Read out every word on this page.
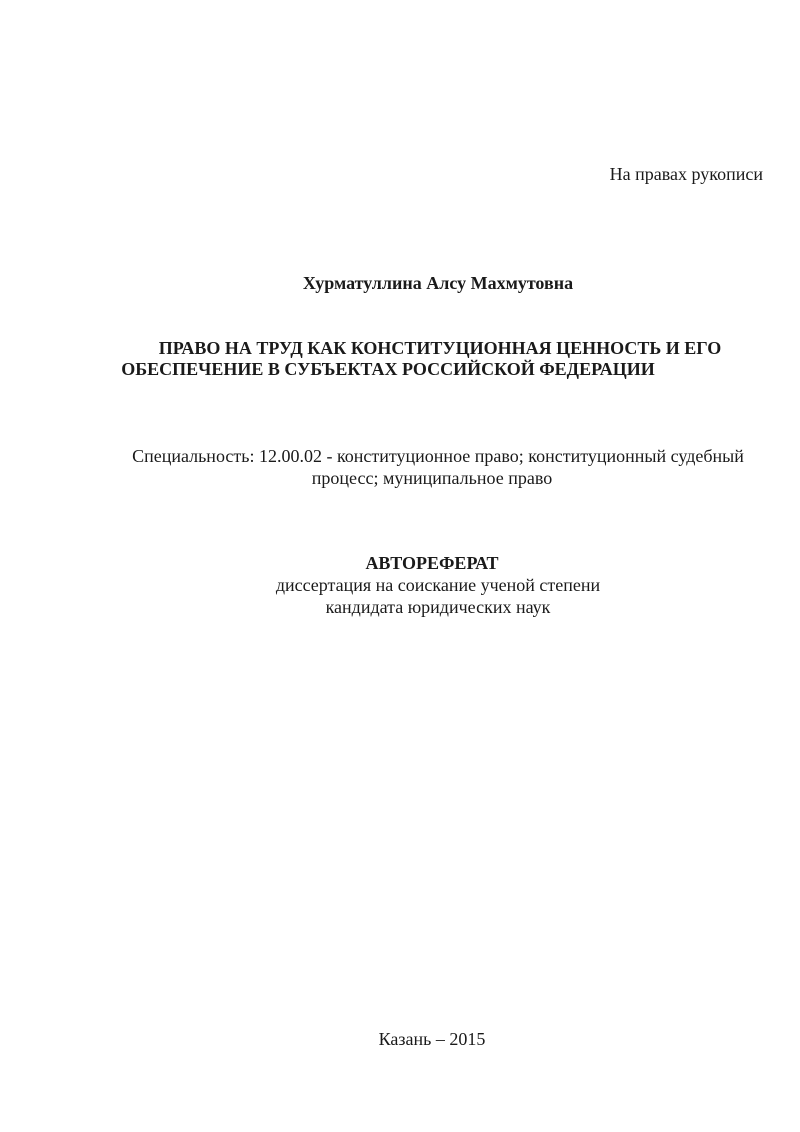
На правах рукописи
Хурматуллина Алсу Махмутовна
ПРАВО НА ТРУД КАК КОНСТИТУЦИОННАЯ ЦЕННОСТЬ И ЕГО
ОБЕСПЕЧЕНИЕ В СУБЪЕКТАХ РОССИЙСКОЙ ФЕДЕРАЦИИ
Специальность: 12.00.02 - конституционное право; конституционный судебный
процесс; муниципальное право
АВТОРЕФЕРАТ
диссертация на соискание ученой степени
кандидата юридических наук
Казань – 2015
